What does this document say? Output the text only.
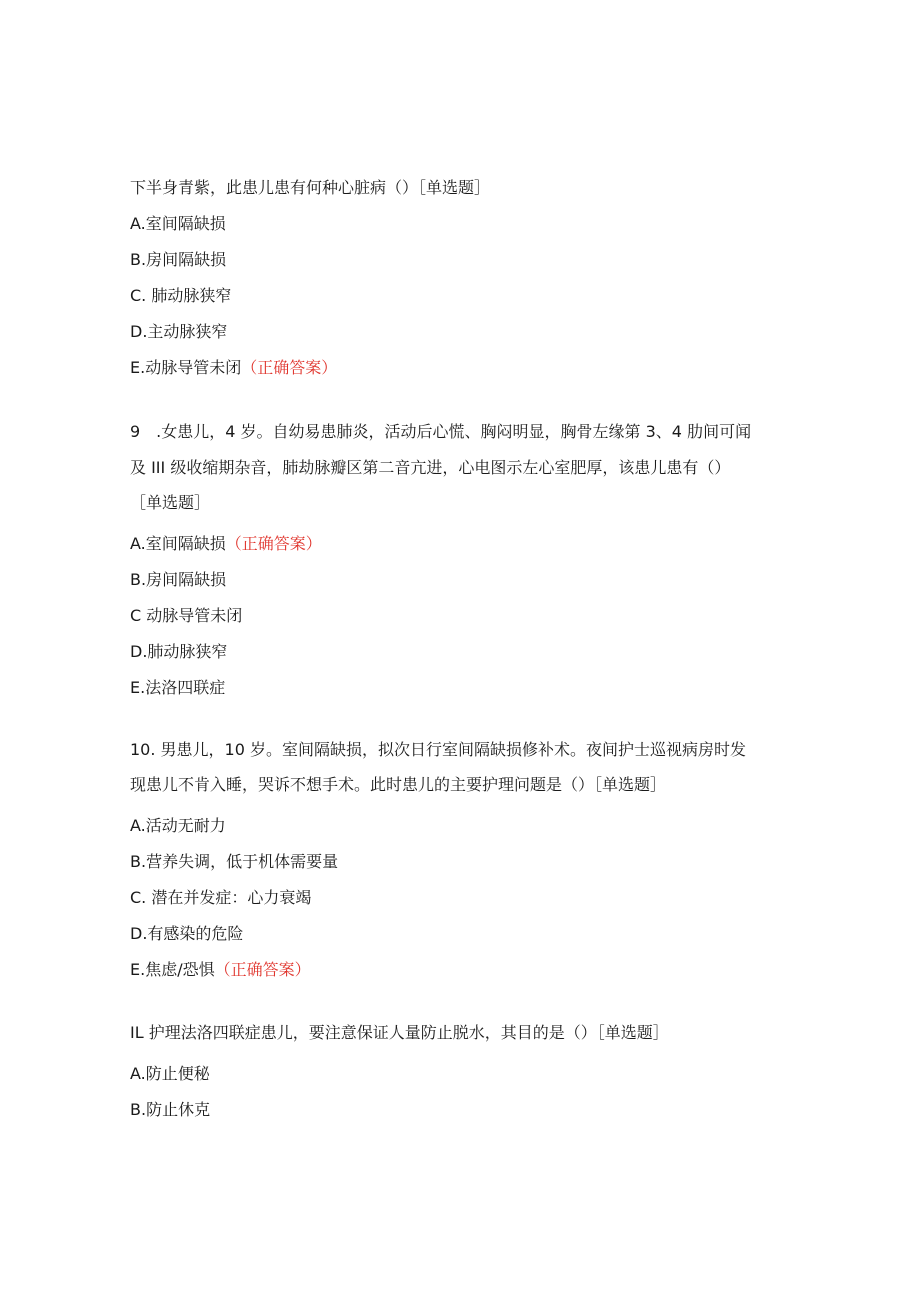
下半身青紫，此患儿患有何种心脏病（）［单选题］
A.室间隔缺损
B.房间隔缺损
C. 肺动脉狭窄
D.主动脉狭窄
E.动脉导管未闭（正确答案）
9　.女患儿，4 岁。自幼易患肺炎，活动后心慌、胸闷明显，胸骨左缘第 3、4 肋间可闻
及 III 级收缩期杂音，肺劫脉瓣区第二音亢进，心电图示左心室肥厚，该患儿患有（）
［单选题］
A.室间隔缺损（正确答案）
B.房间隔缺损
C 动脉导管未闭
D.肺动脉狭窄
E.法洛四联症
10. 男患儿，10 岁。室间隔缺损，拟次日行室间隔缺损修补术。夜间护士巡视病房时发
现患儿不肯入睡，哭诉不想手术。此时患儿的主要护理问题是（）［单选题］
A.活动无耐力
B.营养失调，低于机体需要量
C. 潜在并发症：心力衰竭
D.有感染的危险
E.焦虑/恐惧（正确答案）
IL 护理法洛四联症患儿，要注意保证人量防止脱水，其目的是（）［单选题］
A.防止便秘
B.防止休克
